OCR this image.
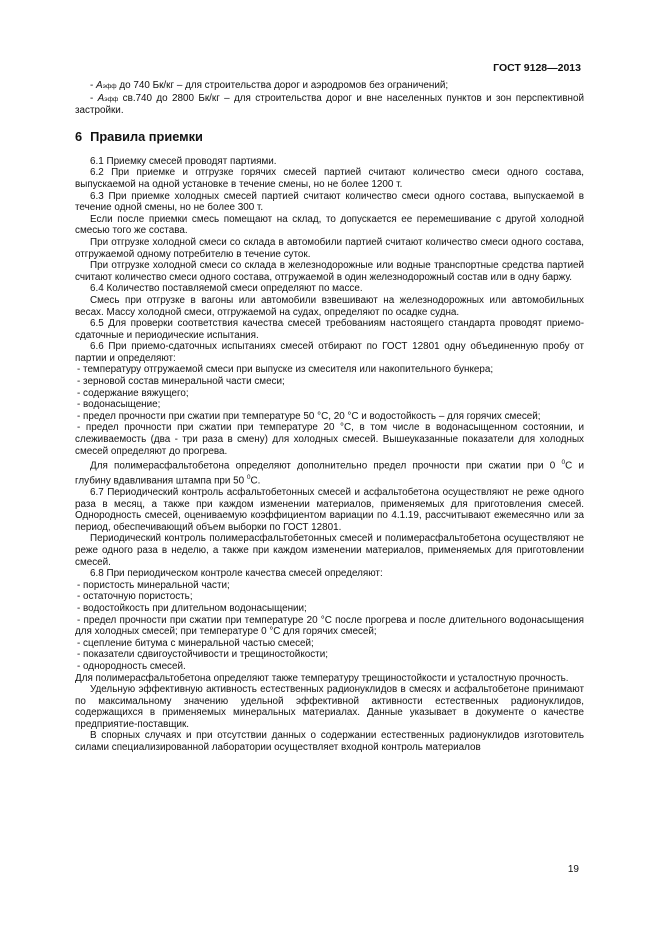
ГОСТ 9128—2013

- Aэфф до 740 Бк/кг – для строительства дорог и аэродромов без ограничений;

- Aэфф св.740 до 2800 Бк/кг – для строительства дорог и вне населенных пунктов и зон перспективной застройки.

6 Правила приемки

6.1 Приемку смесей проводят партиями.

6.2 При приемке и отгрузке горячих смесей партией считают количество смеси одного состава, выпускаемой на одной установке в течение смены, но не более 1200 т.

6.3 При приемке холодных смесей партией считают количество смеси одного состава, выпускаемой в течение одной смены, но не более 300 т.

Если после приемки смесь помещают на склад, то допускается ее перемешивание с другой холодной смесью того же состава.

При отгрузке холодной смеси со склада в автомобили партией считают количество смеси одного состава, отгружаемой одному потребителю в течение суток.

При отгрузке холодной смеси со склада в железнодорожные или водные транспортные средства партией считают количество смеси одного состава, отгружаемой в один железнодорожный состав или в одну баржу.

6.4 Количество поставляемой смеси определяют по массе.

Смесь при отгрузке в вагоны или автомобили взвешивают на железнодорожных или автомобильных весах. Массу холодной смеси, отгружаемой на судах, определяют по осадке судна.

6.5 Для проверки соответствия качества смесей требованиям настоящего стандарта проводят приемо-сдаточные и периодические испытания.

6.6 При приемо-сдаточных испытаниях смесей отбирают по ГОСТ 12801 одну объединенную пробу от партии и определяют:

- температуру отгружаемой смеси при выпуске из смесителя или накопительного бункера;

- зерновой состав минеральной части смеси;

- содержание вяжущего;

- водонасыщение;

- предел прочности при сжатии при температуре 50 °С, 20 °С и водостойкость – для горячих смесей;

- предел прочности при сжатии при температуре 20 °С, в том числе в водонасыщенном состоянии, и слеживаемость (два - три раза в смену) для холодных смесей. Вышеуказанные показатели для холодных смесей определяют до прогрева.

Для полимерасфальтобетона определяют дополнительно предел прочности при сжатии при 0 $^0$С и глубину вдавливания штампа при 50 $^0$С.

6.7 Периодический контроль асфальтобетонных смесей и асфальтобетона осуществляют не реже одного раза в месяц, а также при каждом изменении материалов, применяемых для приготовления смесей. Однородность смесей, оцениваемую коэффициентом вариации по 4.1.19, рассчитывают ежемесячно или за период, обеспечивающий объем выборки по ГОСТ 12801.

Периодический контроль полимерасфальтобетонных смесей и полимерасфальтобетона осуществляют не реже одного раза в неделю, а также при каждом изменении материалов, применяемых для приготовлении смесей.

6.8 При периодическом контроле качества смесей определяют:

- пористость минеральной части;

- остаточную пористость;

- водостойкость при длительном водонасыщении;

- предел прочности при сжатии при температуре 20 °С после прогрева и после длительного водонасыщения для холодных смесей; при температуре 0 °С для горячих смесей;

- сцепление битума с минеральной частью смесей;

- показатели сдвигоустойчивости и трещиностойкости;

- однородность смесей.

Для полимерасфальтобетона определяют также температуру трещиностойкости и усталостную прочность.

Удельную эффективную активность естественных радионуклидов в смесях и асфальтобетоне принимают по максимальному значению удельной эффективной активности естественных радионуклидов, содержащихся в применяемых минеральных материалах. Данные указывает в документе о качестве предприятие-поставщик.

В спорных случаях и при отсутствии данных о содержании естественных радионуклидов изготовитель силами специализированной лаборатории осуществляет входной контроль материалов

19
